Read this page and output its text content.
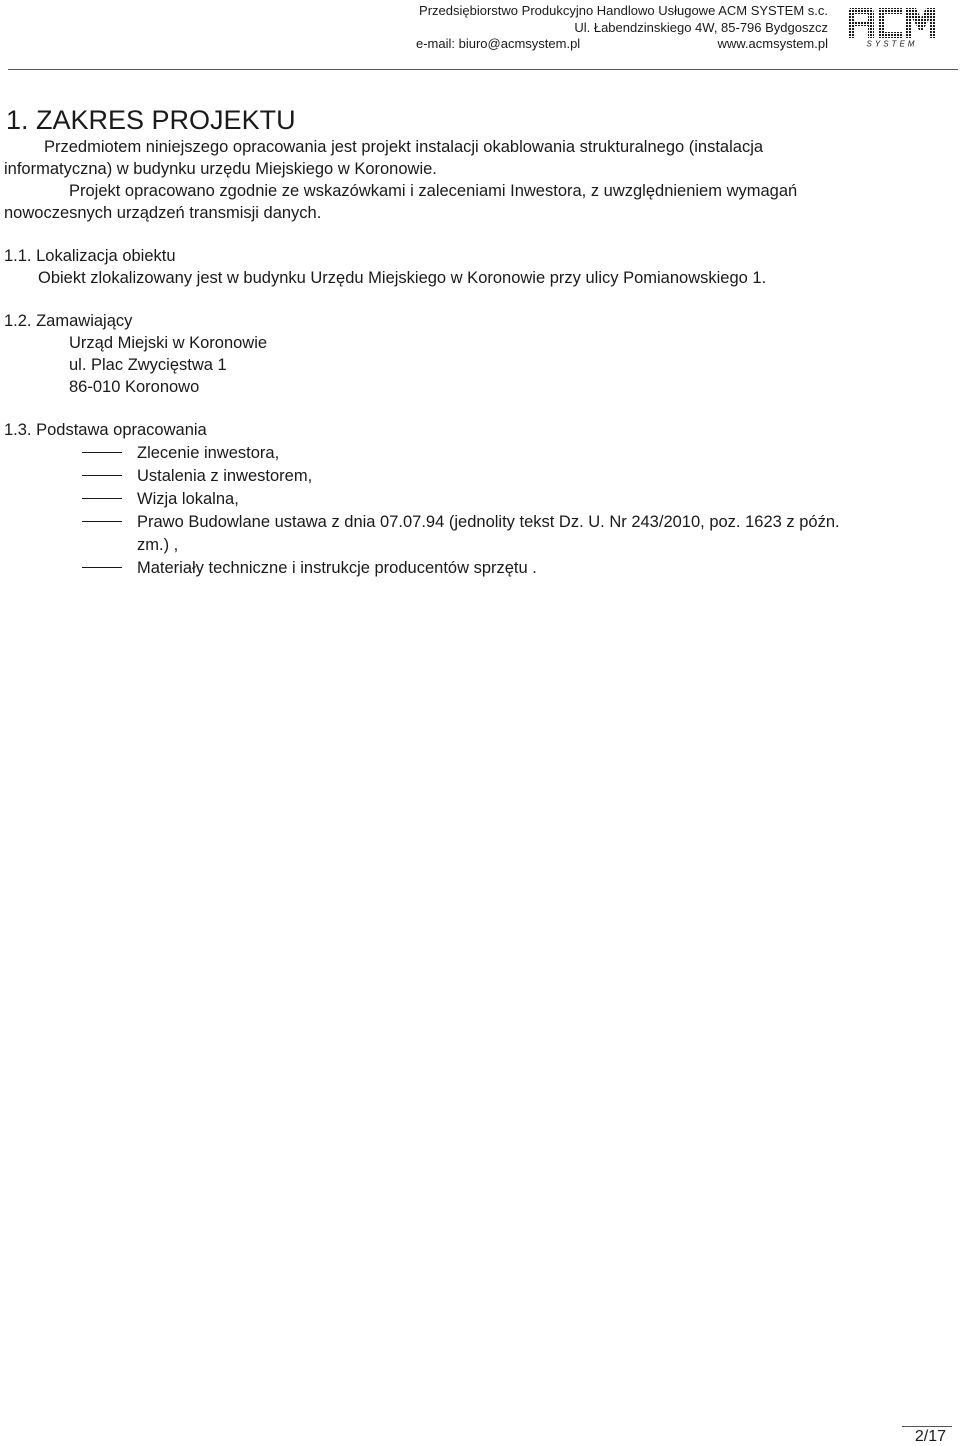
Przedsiębiorstwo Produkcyjno Handlowo Usługowe ACM SYSTEM s.c.
Ul. Łabendzinskiego 4W, 85-796 Bydgoszcz
e-mail: biuro@acmsystem.pl	www.acmsystem.pl	SYSTEM
1. ZAKRES PROJEKTU
Przedmiotem niniejszego opracowania jest projekt instalacji okablowania strukturalnego (instalacja
informatyczna) w budynku urzędu Miejskiego w Koronowie.
Projekt opracowano zgodnie ze wskazówkami i zaleceniami Inwestora, z uwzględnieniem wymagań
nowoczesnych urządzeń transmisji danych.
1.1. Lokalizacja obiektu
Obiekt zlokalizowany jest w budynku Urzędu Miejskiego w Koronowie przy ulicy Pomianowskiego 1.
1.2. Zamawiający
Urząd Miejski w Koronowie
ul. Plac Zwycięstwa 1
86-010 Koronowo
1.3. Podstawa opracowania
Zlecenie inwestora,
Ustalenia z inwestorem,
Wizja lokalna,
Prawo Budowlane ustawa z dnia 07.07.94 (jednolity tekst Dz. U. Nr 243/2010, poz. 1623 z późn.
zm.) ,
Materiały techniczne i instrukcje producentów sprzętu .
2/17
